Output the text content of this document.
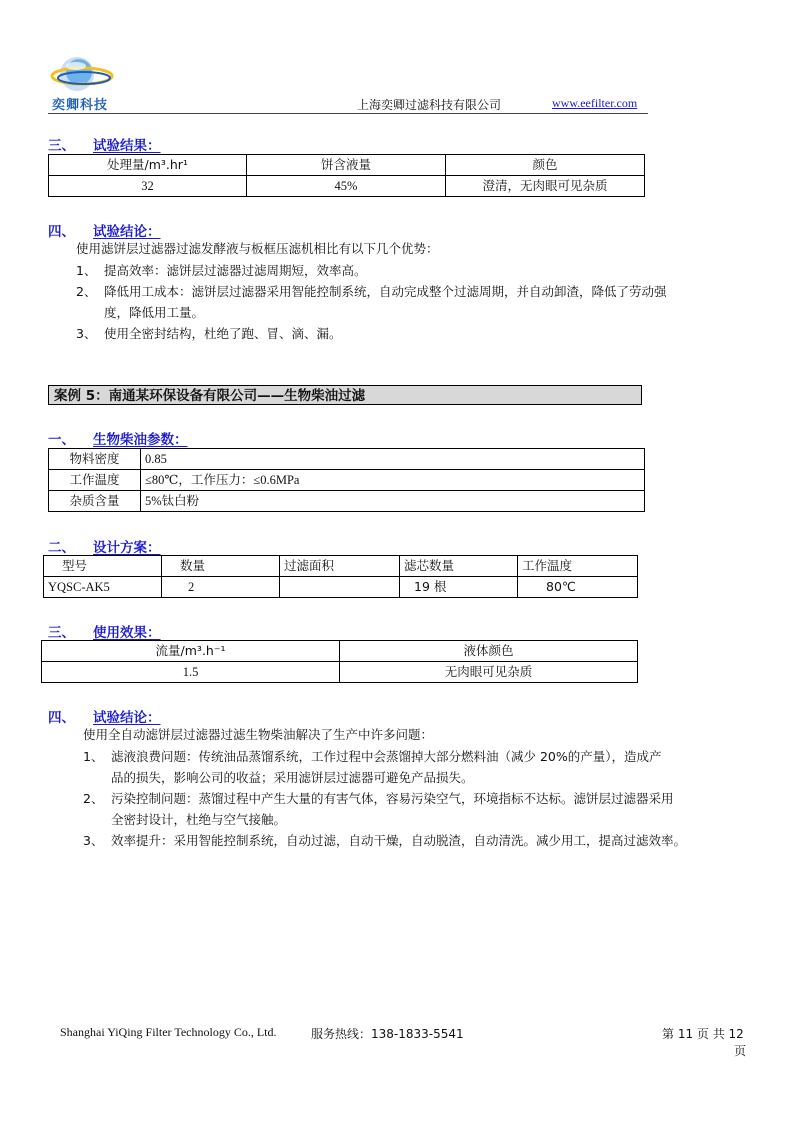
奕卿科技	上海奕卿过滤科技有限公司	www.eefilter.com
三、 试验结果：
处理量/m³.hr¹	饼含液量	颜色
32	45%	澄清，无肉眼可见杂质
四、 试验结论：
使用滤饼层过滤器过滤发酵液与板框压滤机相比有以下几个优势：
1、 提高效率：滤饼层过滤器过滤周期短，效率高。
2、 降低用工成本：滤饼层过滤器采用智能控制系统，自动完成整个过滤周期，并自动卸渣，降低了劳动强
度，降低用工量。
3、 使用全密封结构，杜绝了跑、冒、滴、漏。
案例 5：南通某环保设备有限公司——生物柴油过滤
一、 生物柴油参数：
物料密度	0.85
工作温度	≤80℃，工作压力：≤0.6MPa
杂质含量	5%钛白粉
二、 设计方案：
型号	数量	过滤面积	滤芯数量	工作温度
YQSC-AK5	2		19 根	80℃
三、 使用效果：
流量/m³.h⁻¹	液体颜色
1.5	无肉眼可见杂质
四、 试验结论：
使用全自动滤饼层过滤器过滤生物柴油解决了生产中许多问题：
1、 滤液浪费问题：传统油品蒸馏系统，工作过程中会蒸馏掉大部分燃料油（减少 20%的产量），造成产
品的损失，影响公司的收益；采用滤饼层过滤器可避免产品损失。
2、 污染控制问题：蒸馏过程中产生大量的有害气体，容易污染空气，环境指标不达标。滤饼层过滤器采用
全密封设计，杜绝与空气接触。
3、 效率提升：采用智能控制系统，自动过滤，自动干燥，自动脱渣，自动清洗。减少用工，提高过滤效率。
Shanghai YiQing Filter Technology Co., Ltd.	服务热线：138-1833-5541	第 11 页 共 12
页
